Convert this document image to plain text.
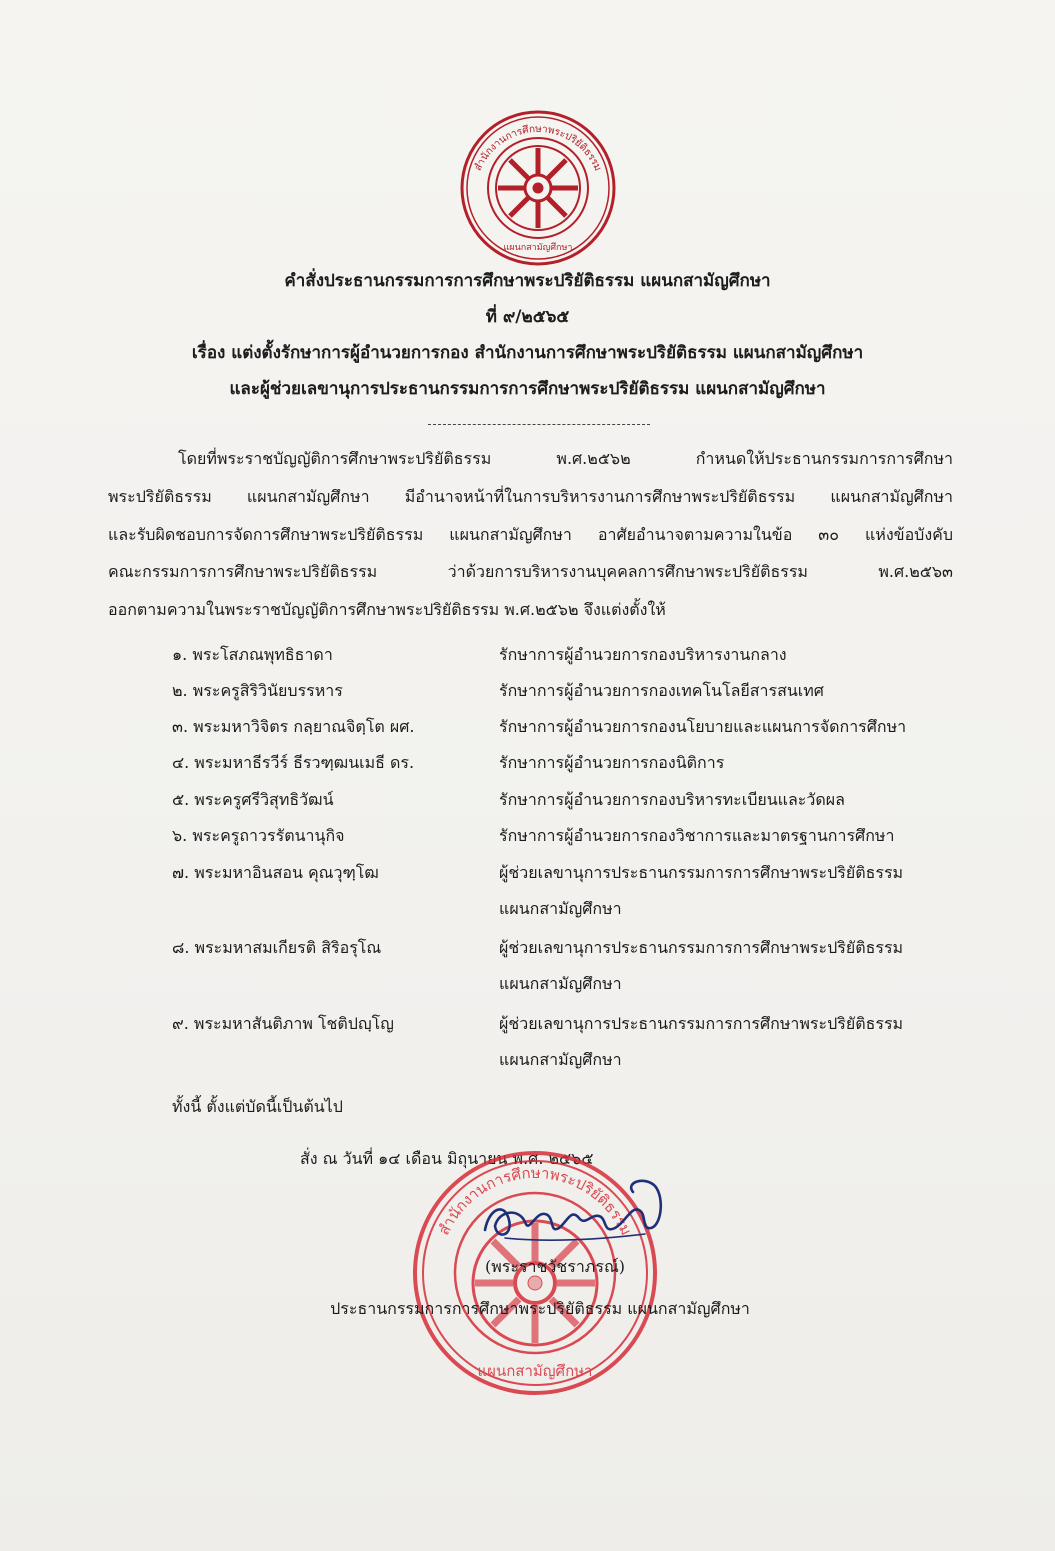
สำนักงานการศึกษาพระปริยัติธรรม
แผนกสามัญศึกษา
คำสั่งประธานกรรมการการศึกษาพระปริยัติธรรม แผนกสามัญศึกษา
ที่ ๙/๒๕๖๕
เรื่อง แต่งตั้งรักษาการผู้อำนวยการกอง สำนักงานการศึกษาพระปริยัติธรรม แผนกสามัญศึกษา
และผู้ช่วยเลขานุการประธานกรรมการการศึกษาพระปริยัติธรรม แผนกสามัญศึกษา
โดยที่พระราชบัญญัติการศึกษาพระปริยัติธรรม พ.ศ.๒๕๖๒ กำหนดให้ประธานกรรมการการศึกษา
พระปริยัติธรรม แผนกสามัญศึกษา มีอำนาจหน้าที่ในการบริหารงานการศึกษาพระปริยัติธรรม แผนกสามัญศึกษา
และรับผิดชอบการจัดการศึกษาพระปริยัติธรรม แผนกสามัญศึกษา อาศัยอำนาจตามความในข้อ ๓๐ แห่งข้อบังคับ
คณะกรรมการการศึกษาพระปริยัติธรรม ว่าด้วยการบริหารงานบุคคลการศึกษาพระปริยัติธรรม พ.ศ.๒๕๖๓
ออกตามความในพระราชบัญญัติการศึกษาพระปริยัติธรรม พ.ศ.๒๕๖๒ จึงแต่งตั้งให้
๑. พระโสภณพุทธิธาดา	รักษาการผู้อำนวยการกองบริหารงานกลาง
๒. พระครูสิริวินัยบรรหาร	รักษาการผู้อำนวยการกองเทคโนโลยีสารสนเทศ
๓. พระมหาวิจิตร กลฺยาณจิตฺโต ผศ.	รักษาการผู้อำนวยการกองนโยบายและแผนการจัดการศึกษา
๔. พระมหาธีรวีร์ ธีรวฑฺฒนเมธี ดร.	รักษาการผู้อำนวยการกองนิติการ
๕. พระครูศรีวิสุทธิวัฒน์	รักษาการผู้อำนวยการกองบริหารทะเบียนและวัดผล
๖. พระครูถาวรรัตนานุกิจ	รักษาการผู้อำนวยการกองวิชาการและมาตรฐานการศึกษา
๗. พระมหาอินสอน คุณวุฑฺโฒ	ผู้ช่วยเลขานุการประธานกรรมการการศึกษาพระปริยัติธรรม
แผนกสามัญศึกษา
๘. พระมหาสมเกียรติ สิริอรุโณ	ผู้ช่วยเลขานุการประธานกรรมการการศึกษาพระปริยัติธรรม
แผนกสามัญศึกษา
๙. พระมหาสันติภาพ โชติปญฺโญ	ผู้ช่วยเลขานุการประธานกรรมการการศึกษาพระปริยัติธรรม
แผนกสามัญศึกษา
ทั้งนี้ ตั้งแต่บัดนี้เป็นต้นไป
สั่ง ณ วันที่ ๑๔ เดือน มิถุนายน พ.ศ. ๒๕๖๕
สำนักงานการศึกษาพระปริยัติธรรม
แผนกสามัญศึกษา
(พระราชวัชราภรณ์)
ประธานกรรมการการศึกษาพระปริยัติธรรม แผนกสามัญศึกษา
